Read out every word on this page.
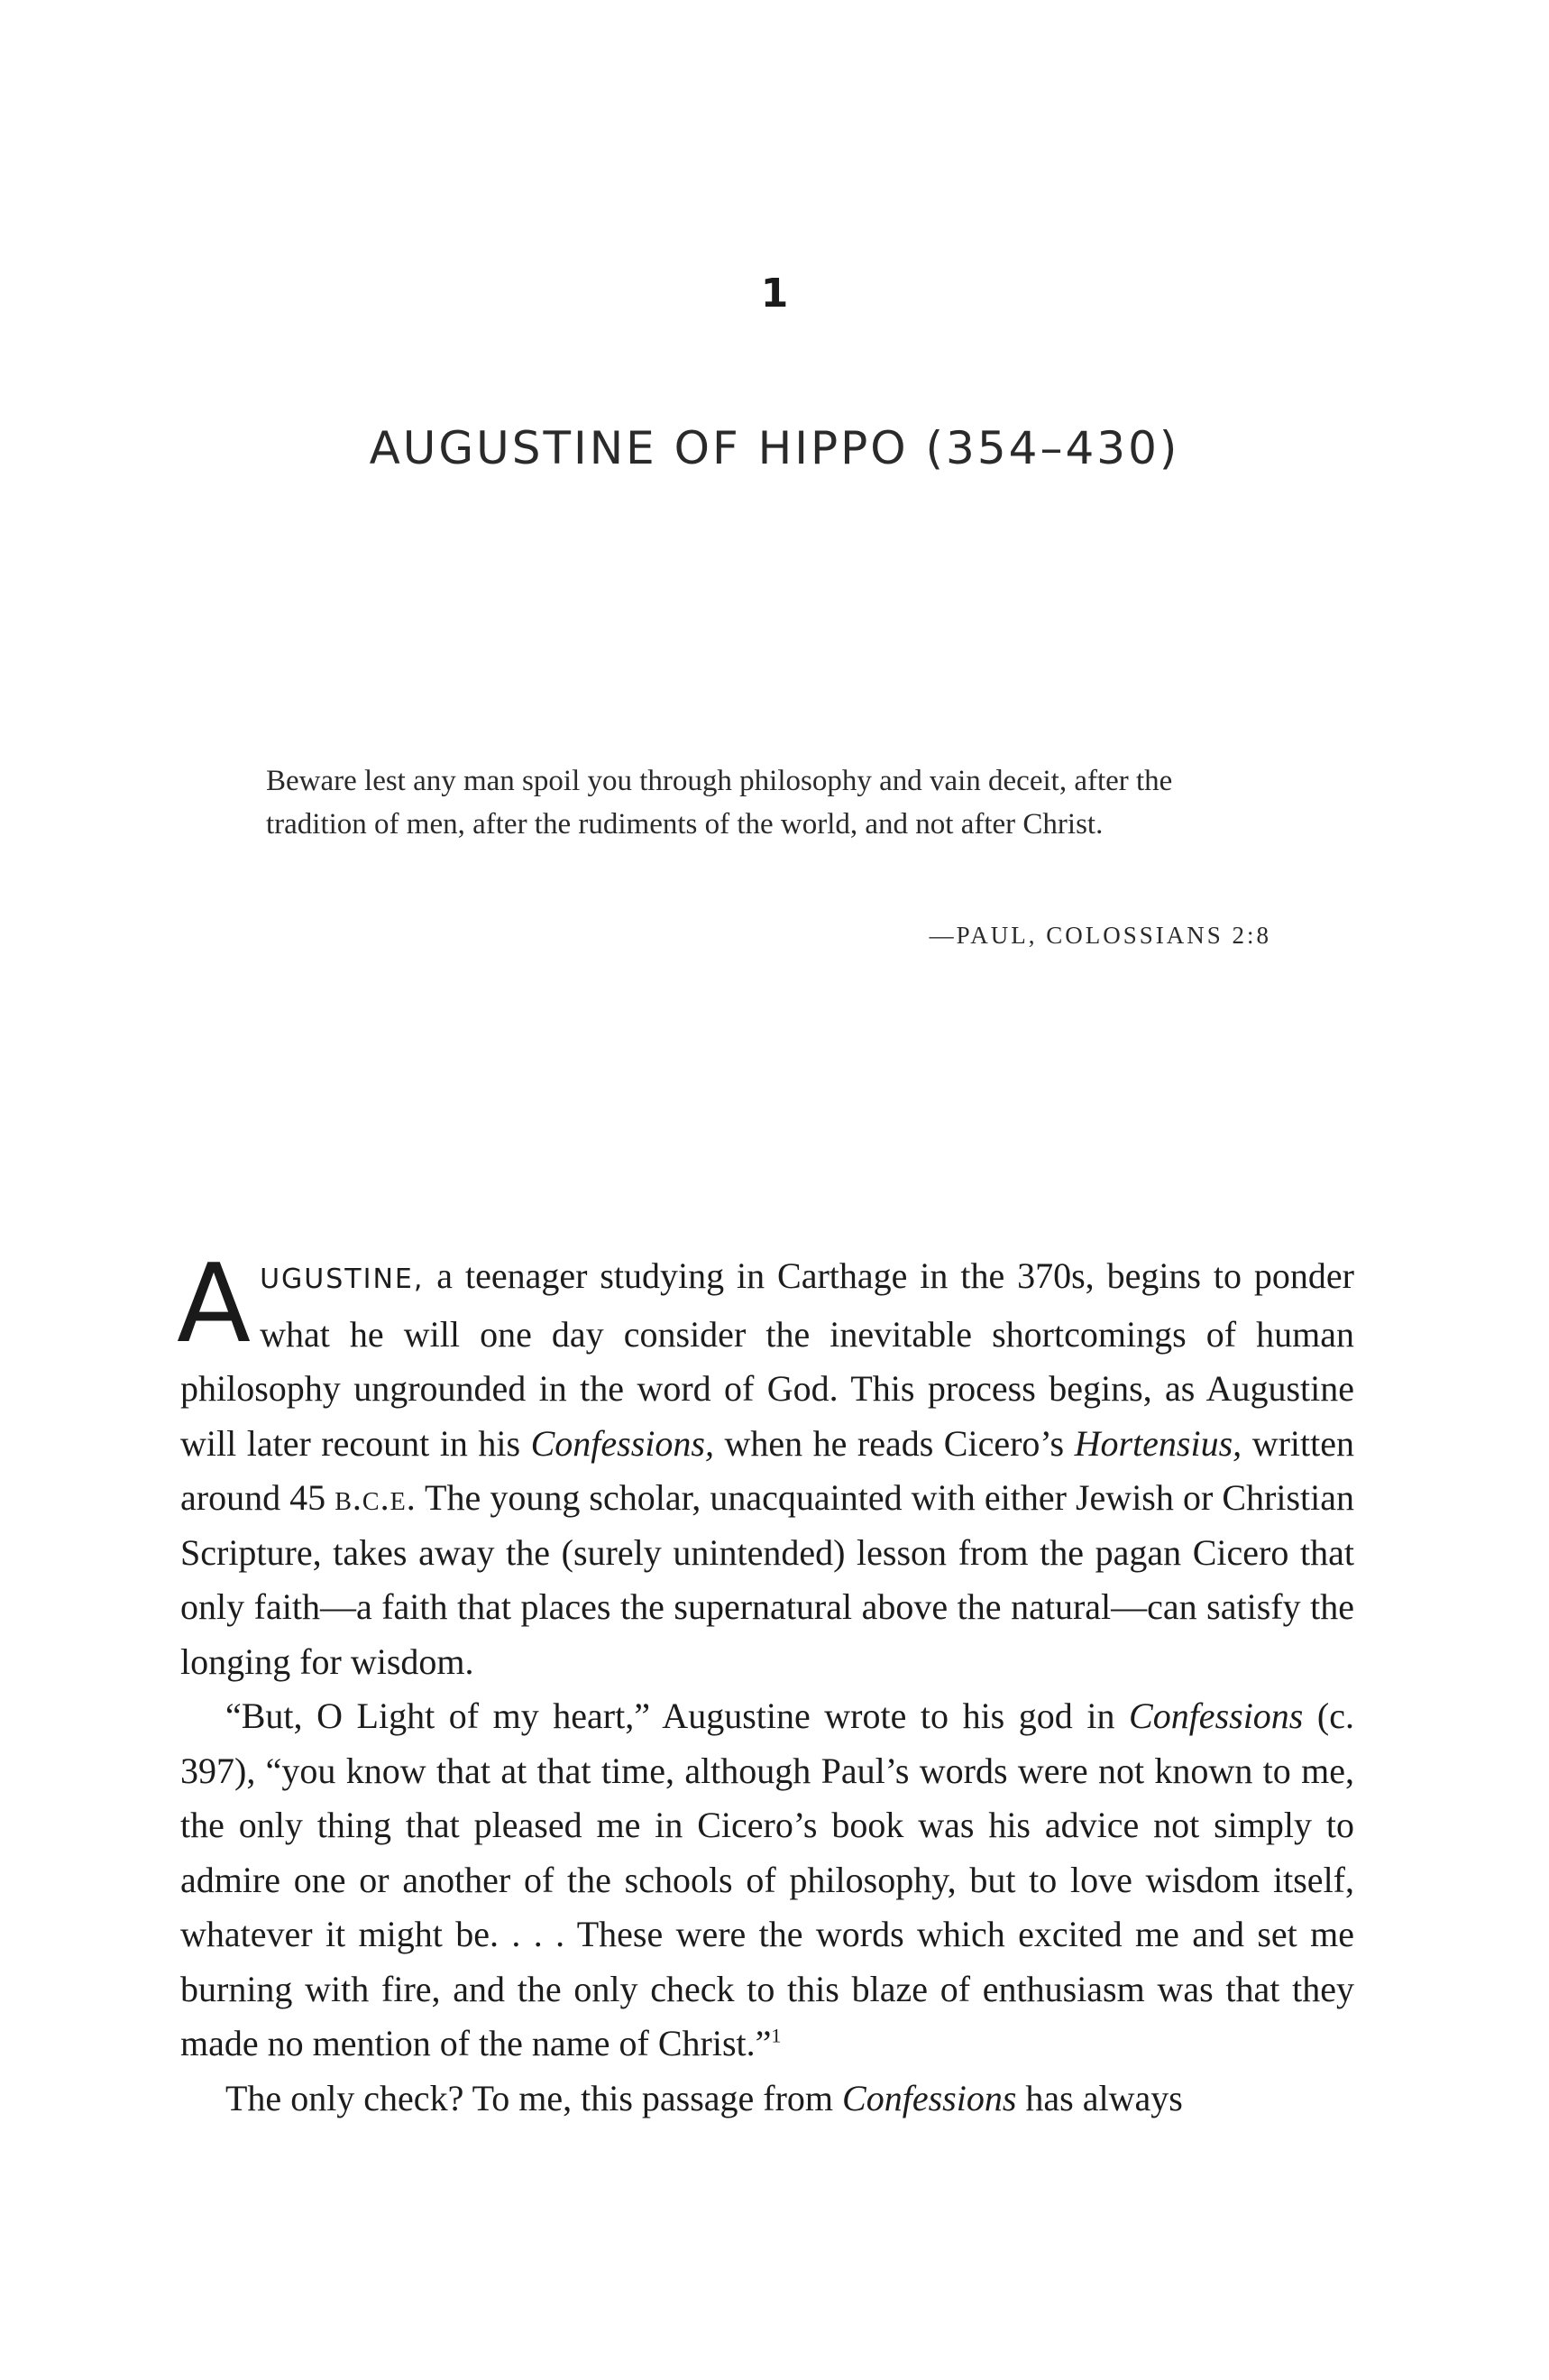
1
AUGUSTINE OF HIPPO (354–430)
Beware lest any man spoil you through philosophy and vain deceit, after the tradition of men, after the rudiments of the world, and not after Christ.
—PAUL, COLOSSIANS 2:8

AUGUSTINE, a teenager studying in Carthage in the 370s, begins to ponder what he will one day consider the inevitable shortcomings of human philosophy ungrounded in the word of God. This process begins, as Augustine will later recount in his Confessions, when he reads Cicero’s Hortensius, written around 45 b.c.e. The young scholar, unacquainted with either Jewish or Christian Scripture, takes away the (surely unintended) lesson from the pagan Cicero that only faith—a faith that places the supernatural above the natural—can satisfy the longing for wisdom.

“But, O Light of my heart,” Augustine wrote to his god in Confessions (c. 397), “you know that at that time, although Paul’s words were not known to me, the only thing that pleased me in Cicero’s book was his advice not simply to admire one or another of the schools of philosophy, but to love wisdom itself, whatever it might be. . . . These were the words which excited me and set me burning with fire, and the only check to this blaze of enthusiasm was that they made no mention of the name of Christ.”$^1$

The only check? To me, this passage from Confessions has always
